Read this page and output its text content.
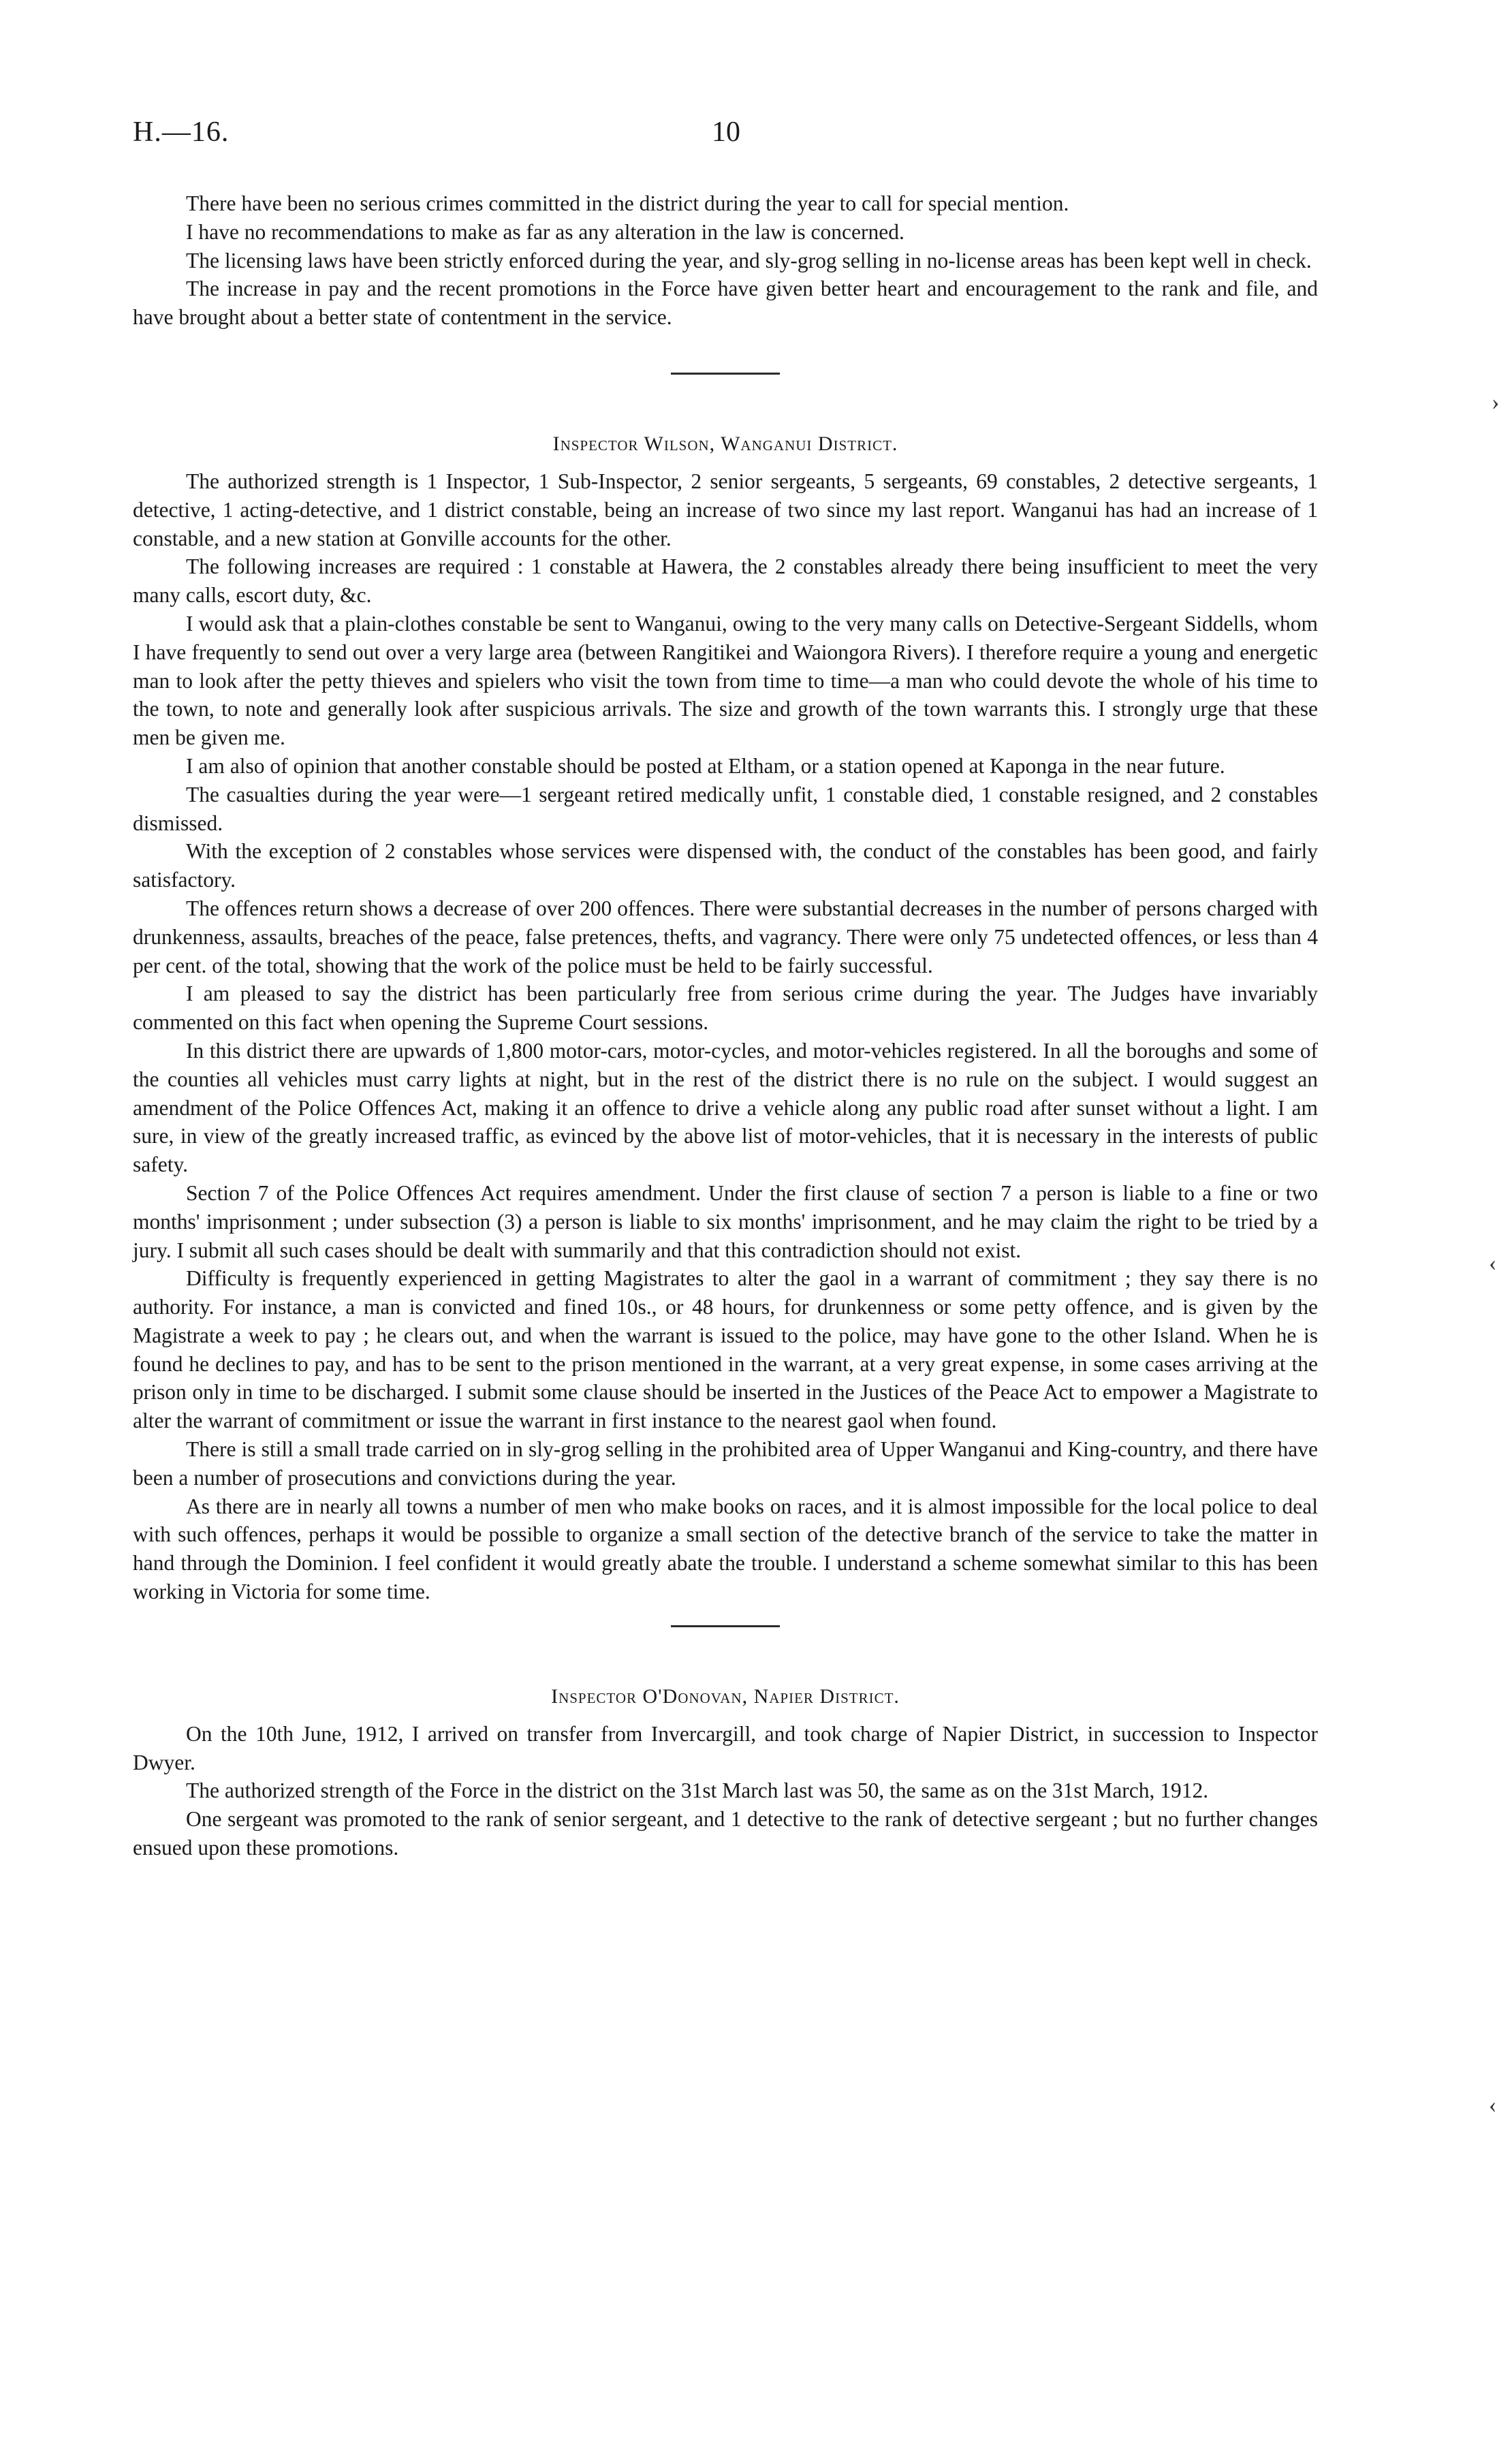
H.—16.	10

There have been no serious crimes committed in the district during the year to call for special mention.

I have no recommendations to make as far as any alteration in the law is concerned.

The licensing laws have been strictly enforced during the year, and sly-grog selling in no-license areas has been kept well in check.

The increase in pay and the recent promotions in the Force have given better heart and encouragement to the rank and file, and have brought about a better state of contentment in the service.

Inspector Wilson, Wanganui District.

The authorized strength is 1 Inspector, 1 Sub-Inspector, 2 senior sergeants, 5 sergeants, 69 constables, 2 detective sergeants, 1 detective, 1 acting-detective, and 1 district constable, being an increase of two since my last report. Wanganui has had an increase of 1 constable, and a new station at Gonville accounts for the other.

The following increases are required : 1 constable at Hawera, the 2 constables already there being insufficient to meet the very many calls, escort duty, &c.

I would ask that a plain-clothes constable be sent to Wanganui, owing to the very many calls on Detective-Sergeant Siddells, whom I have frequently to send out over a very large area (between Rangitikei and Waiongora Rivers). I therefore require a young and energetic man to look after the petty thieves and spielers who visit the town from time to time—a man who could devote the whole of his time to the town, to note and generally look after suspicious arrivals. The size and growth of the town warrants this. I strongly urge that these men be given me.

I am also of opinion that another constable should be posted at Eltham, or a station opened at Kaponga in the near future.

The casualties during the year were—1 sergeant retired medically unfit, 1 constable died, 1 constable resigned, and 2 constables dismissed.

With the exception of 2 constables whose services were dispensed with, the conduct of the constables has been good, and fairly satisfactory.

The offences return shows a decrease of over 200 offences. There were substantial decreases in the number of persons charged with drunkenness, assaults, breaches of the peace, false pretences, thefts, and vagrancy. There were only 75 undetected offences, or less than 4 per cent. of the total, showing that the work of the police must be held to be fairly successful.

I am pleased to say the district has been particularly free from serious crime during the year. The Judges have invariably commented on this fact when opening the Supreme Court sessions.

In this district there are upwards of 1,800 motor-cars, motor-cycles, and motor-vehicles registered. In all the boroughs and some of the counties all vehicles must carry lights at night, but in the rest of the district there is no rule on the subject. I would suggest an amendment of the Police Offences Act, making it an offence to drive a vehicle along any public road after sunset without a light. I am sure, in view of the greatly increased traffic, as evinced by the above list of motor-vehicles, that it is necessary in the interests of public safety.

Section 7 of the Police Offences Act requires amendment. Under the first clause of section 7 a person is liable to a fine or two months' imprisonment ; under subsection (3) a person is liable to six months' imprisonment, and he may claim the right to be tried by a jury. I submit all such cases should be dealt with summarily and that this contradiction should not exist.

Difficulty is frequently experienced in getting Magistrates to alter the gaol in a warrant of commitment ; they say there is no authority. For instance, a man is convicted and fined 10s., or 48 hours, for drunkenness or some petty offence, and is given by the Magistrate a week to pay ; he clears out, and when the warrant is issued to the police, may have gone to the other Island. When he is found he declines to pay, and has to be sent to the prison mentioned in the warrant, at a very great expense, in some cases arriving at the prison only in time to be discharged. I submit some clause should be inserted in the Justices of the Peace Act to empower a Magistrate to alter the warrant of commitment or issue the warrant in first instance to the nearest gaol when found.

There is still a small trade carried on in sly-grog selling in the prohibited area of Upper Wanganui and King-country, and there have been a number of prosecutions and convictions during the year.

As there are in nearly all towns a number of men who make books on races, and it is almost impossible for the local police to deal with such offences, perhaps it would be possible to organize a small section of the detective branch of the service to take the matter in hand through the Dominion. I feel confident it would greatly abate the trouble. I understand a scheme somewhat similar to this has been working in Victoria for some time.

Inspector O'Donovan, Napier District.

On the 10th June, 1912, I arrived on transfer from Invercargill, and took charge of Napier District, in succession to Inspector Dwyer.

The authorized strength of the Force in the district on the 31st March last was 50, the same as on the 31st March, 1912.

One sergeant was promoted to the rank of senior sergeant, and 1 detective to the rank of detective sergeant ; but no further changes ensued upon these promotions.

›
‹
‹
